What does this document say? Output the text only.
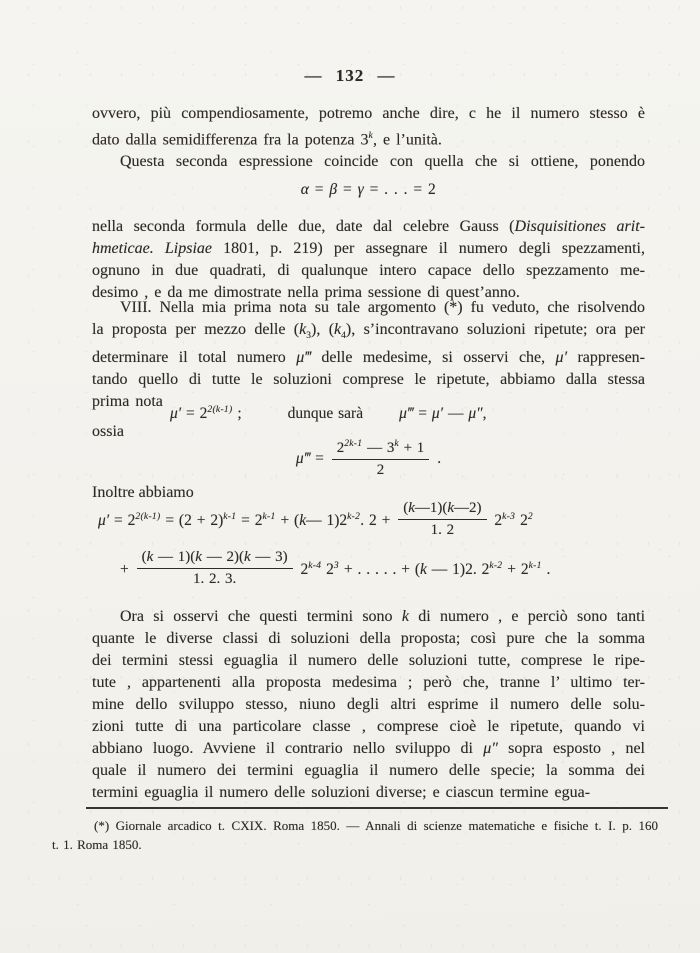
— 132 —
ovvero, più compendiosamente, potremo anche dire, c he il numero stesso è
dato dalla semidifferenza fra la potenza 3$^k$, e l’unità.
Questa seconda espressione coincide con quella che si ottiene, ponendo
α = β = γ = . . . = 2
nella seconda formula delle due, date dal celebre Gauss (Disquisitiones arit-
hmeticae. Lipsiae 1801, p. 219) per assegnare il numero degli spezzamenti,
ognuno in due quadrati, di qualunque intero capace dello spezzamento me-
desimo , e da me dimostrate nella prima sessione di quest’anno.
VIII. Nella mia prima nota su tale argomento (*) fu veduto, che risolvendo
la proposta per mezzo delle $(k_3)$, $(k_4)$, s’incontravano soluzioni ripetute; ora per
determinare il total numero μ‴ delle medesime, si osservi che, μ′ rappresen-
tando quello di tutte le soluzioni comprese le ripetute, abbiamo dalla stessa
prima nota
$\mu' = 2^{2(k-1)}$ ;	dunque sarà μ‴ = μ′ — μ″,
ossia
μ‴ = $\frac{2^{2k-1} — 3^k + 1}{2}$ .
Inoltre abbiamo
$\mu' = 2^{2(k-1)} = (2 + 2)^{k-1} = 2^{k-1}$ + (k— 1)2$^{k-2}$. $2 + \frac{(k—1)(k—2)}{1. 2} 2^{k-3}$ $2^2$
+ $\frac{(k — 1)(k — 2)(k — 3)}{1. 2. 3.} 2^{k-4}$ $2^3$ + . . . . . + (k — 1)2. $2^{k-2} + 2^{k-1}$ .
Ora si osservi che questi termini sono k di numero , e perciò sono tanti
quante le diverse classi di soluzioni della proposta; così pure che la somma
dei termini stessi eguaglia il numero delle soluzioni tutte, comprese le ripe-
tute , appartenenti alla proposta medesima ; però che, tranne l’ ultimo ter-
mine dello sviluppo stesso, niuno degli altri esprime il numero delle solu-
zioni tutte di una particolare classe , comprese cioè le ripetute, quando vi
abbiano luogo. Avviene il contrario nello sviluppo di μ″ sopra esposto , nel
quale il numero dei termini eguaglia il numero delle specie; la somma dei
termini eguaglia il numero delle soluzioni diverse; e ciascun termine egua-
(*) Giornale arcadico t. CXIX. Roma 1850. — Annali di scienze matematiche e fisiche t. I. p. 160
t. 1. Roma 1850.
